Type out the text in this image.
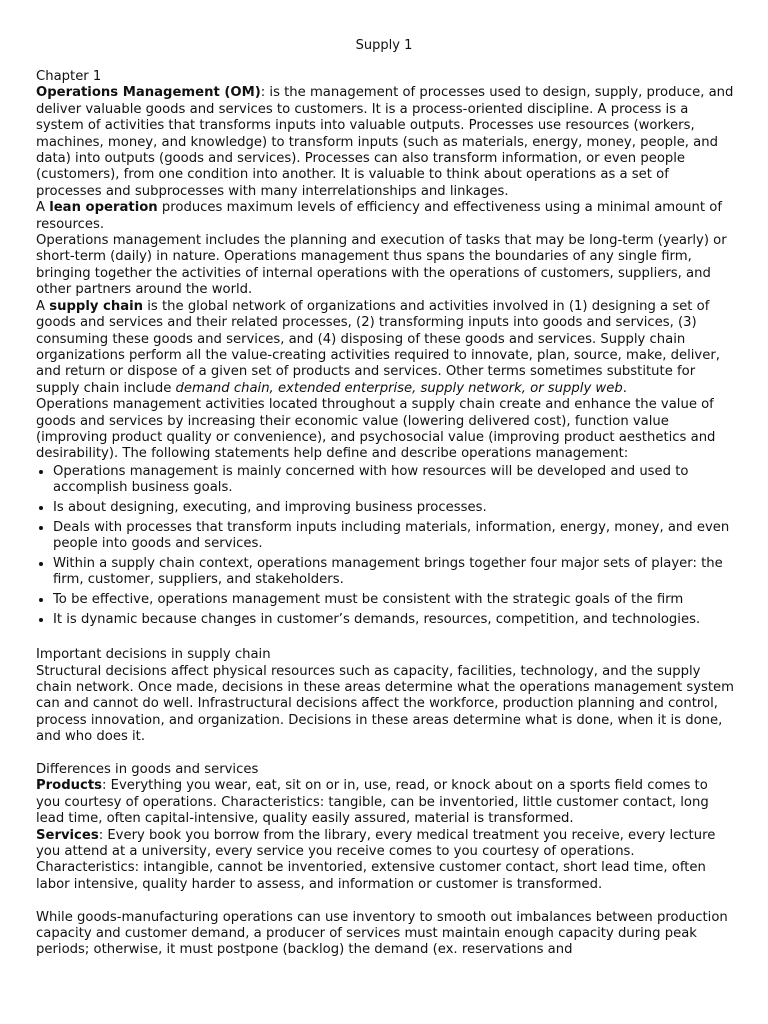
Supply 1

Chapter 1

Operations Management (OM): is the management of processes used to design, supply, produce, and deliver valuable goods and services to customers. It is a process-oriented discipline. A process is a system of activities that transforms inputs into valuable outputs. Processes use resources (workers, machines, money, and knowledge) to transform inputs (such as materials, energy, money, people, and data) into outputs (goods and services). Processes can also transform information, or even people (customers), from one condition into another. It is valuable to think about operations as a set of processes and subprocesses with many interrelationships and linkages.

A lean operation produces maximum levels of efficiency and effectiveness using a minimal amount of resources.

Operations management includes the planning and execution of tasks that may be long-term (yearly) or short-term (daily) in nature. Operations management thus spans the boundaries of any single firm, bringing together the activities of internal operations with the operations of customers, suppliers, and other partners around the world.

A supply chain is the global network of organizations and activities involved in (1) designing a set of goods and services and their related processes, (2) transforming inputs into goods and services, (3) consuming these goods and services, and (4) disposing of these goods and services. Supply chain organizations perform all the value-creating activities required to innovate, plan, source, make, deliver, and return or dispose of a given set of products and services. Other terms sometimes substitute for supply chain include demand chain, extended enterprise, supply network, or supply web.

Operations management activities located throughout a supply chain create and enhance the value of goods and services by increasing their economic value (lowering delivered cost), function value (improving product quality or convenience), and psychosocial value (improving product aesthetics and desirability). The following statements help define and describe operations management:

• Operations management is mainly concerned with how resources will be developed and used to accomplish business goals.
• Is about designing, executing, and improving business processes.
• Deals with processes that transform inputs including materials, information, energy, money, and even people into goods and services.
• Within a supply chain context, operations management brings together four major sets of player: the firm, customer, suppliers, and stakeholders.
• To be effective, operations management must be consistent with the strategic goals of the firm
• It is dynamic because changes in customer’s demands, resources, competition, and technologies.

Important decisions in supply chain

Structural decisions affect physical resources such as capacity, facilities, technology, and the supply chain network. Once made, decisions in these areas determine what the operations management system can and cannot do well. Infrastructural decisions affect the workforce, production planning and control, process innovation, and organization. Decisions in these areas determine what is done, when it is done, and who does it.

Differences in goods and services

Products: Everything you wear, eat, sit on or in, use, read, or knock about on a sports field comes to you courtesy of operations. Characteristics: tangible, can be inventoried, little customer contact, long lead time, often capital-intensive, quality easily assured, material is transformed.

Services: Every book you borrow from the library, every medical treatment you receive, every lecture you attend at a university, every service you receive comes to you courtesy of operations. Characteristics: intangible, cannot be inventoried, extensive customer contact, short lead time, often labor intensive, quality harder to assess, and information or customer is transformed.

While goods-manufacturing operations can use inventory to smooth out imbalances between production capacity and customer demand, a producer of services must maintain enough capacity during peak periods; otherwise, it must postpone (backlog) the demand (ex. reservations and
